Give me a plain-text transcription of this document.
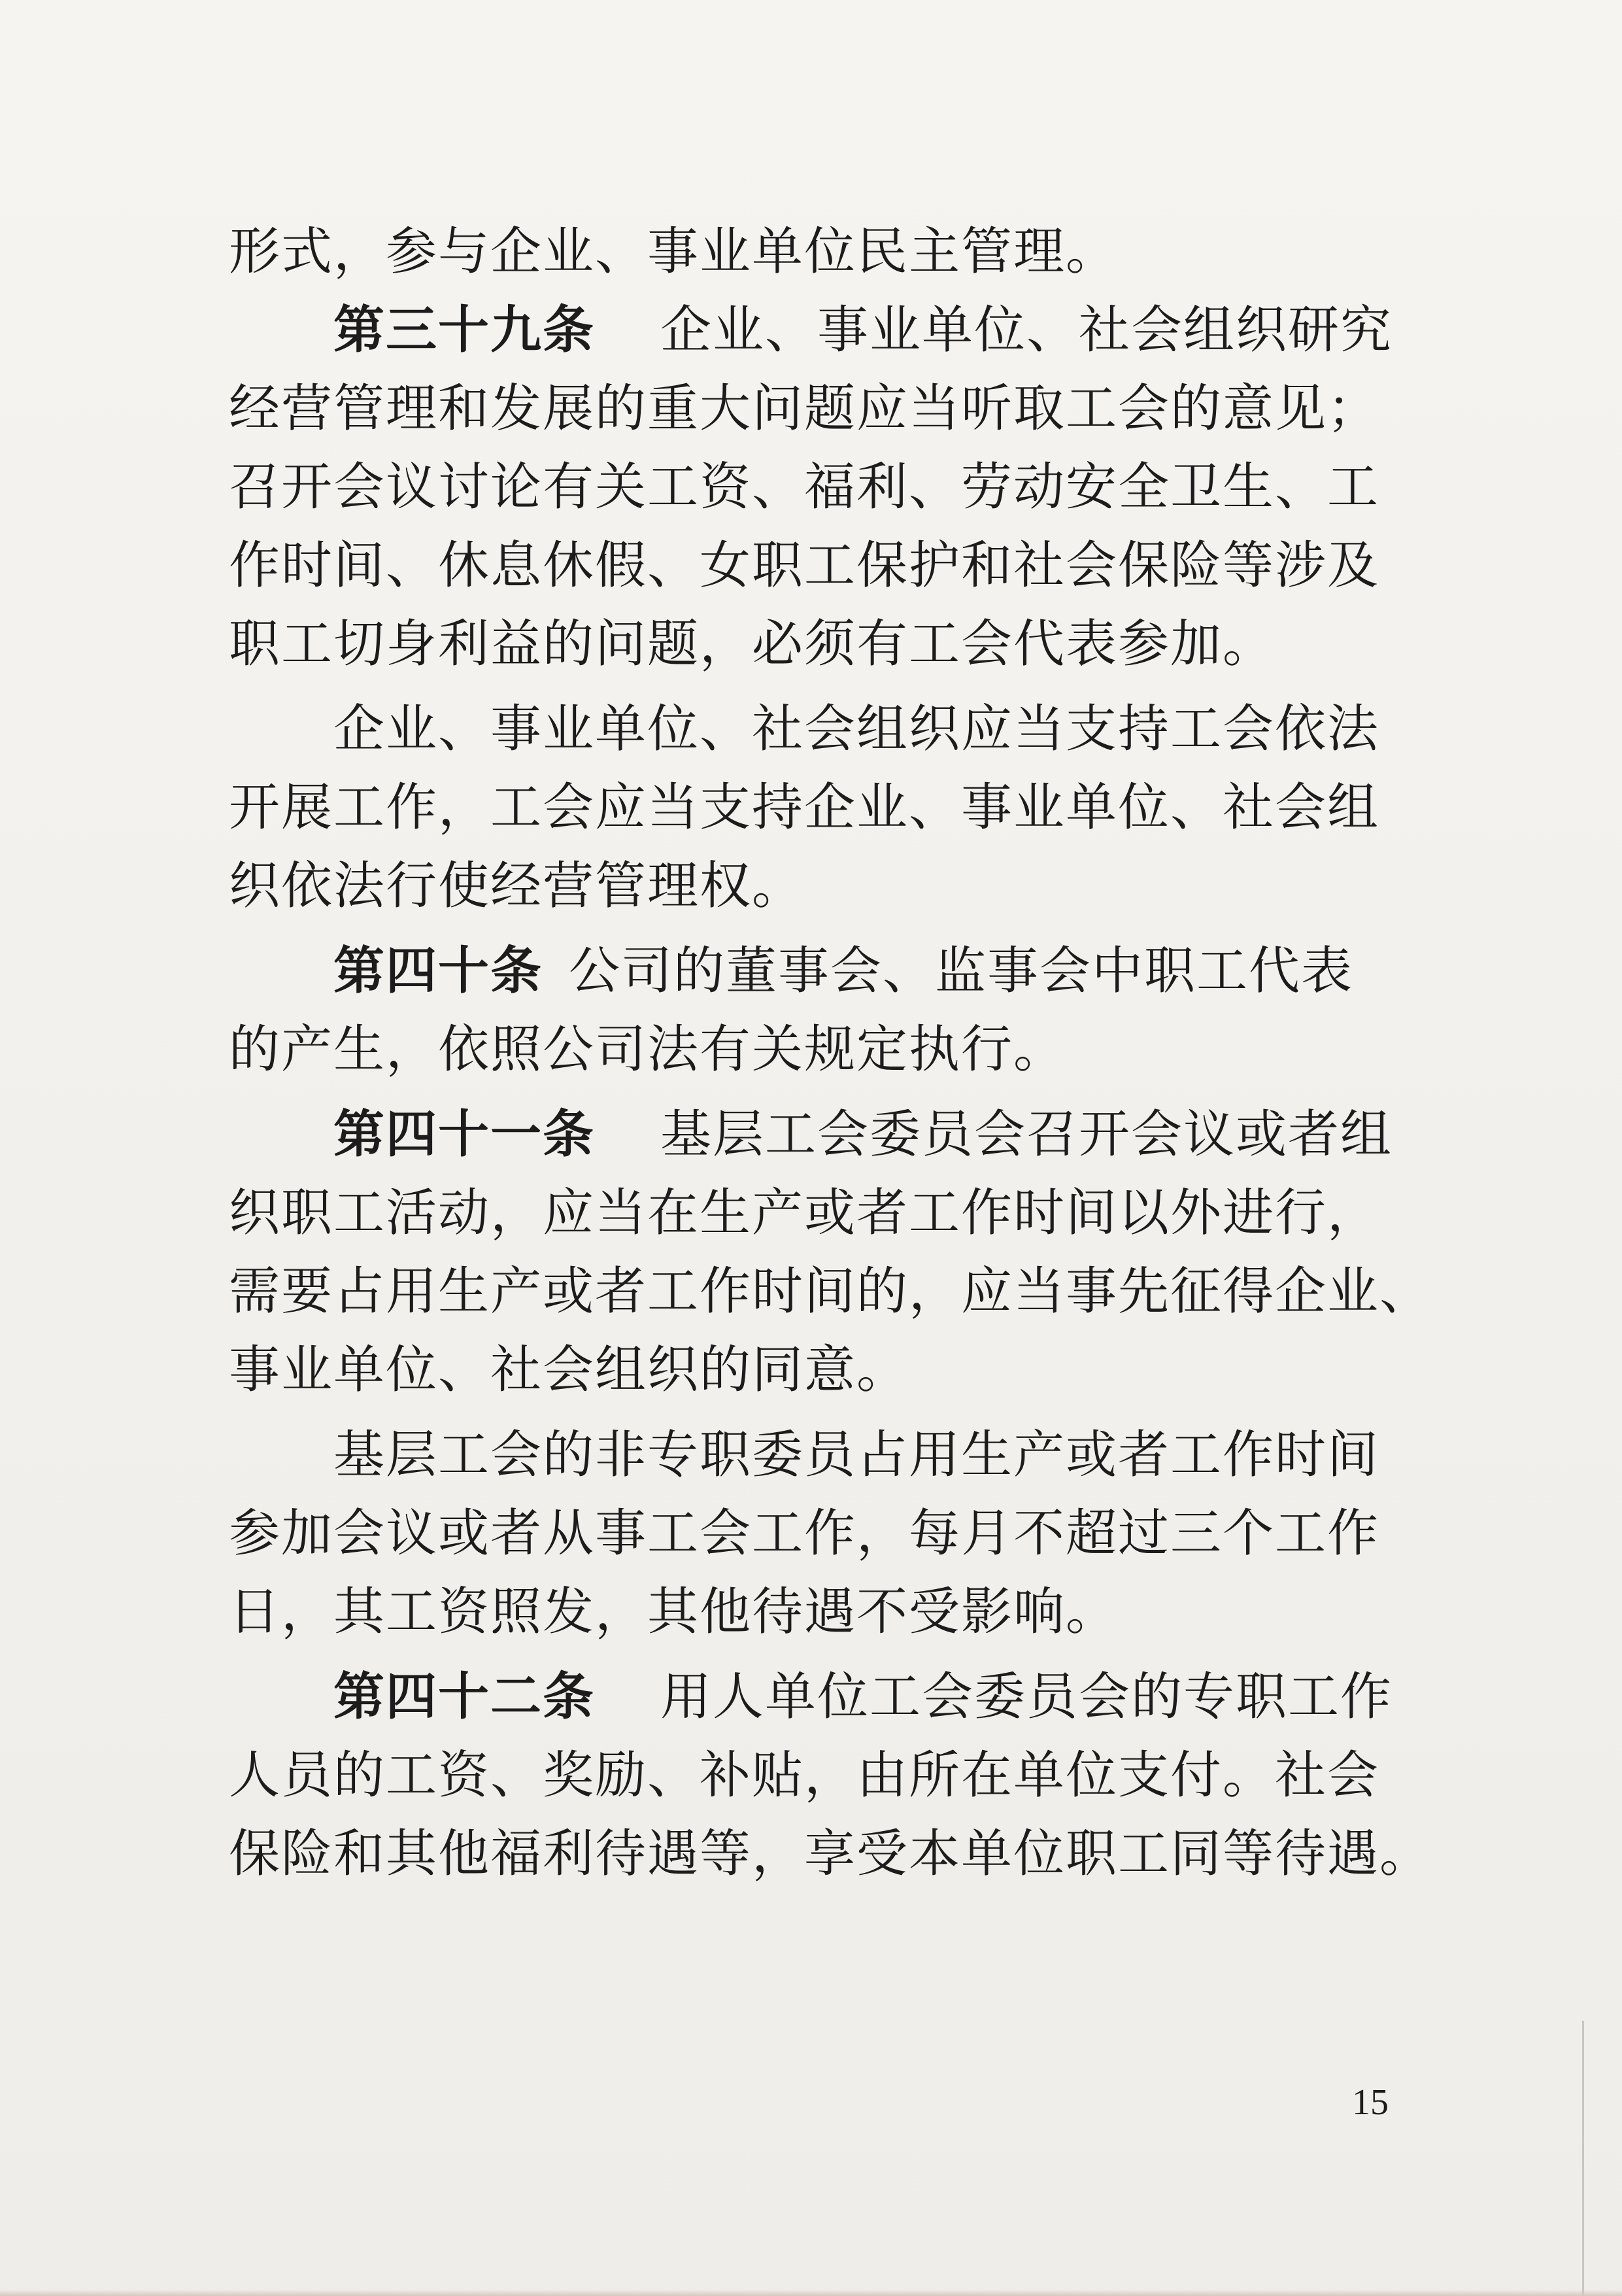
形式，参与企业、事业单位民主管理。
第三十九条 企业、事业单位、社会组织研究
经营管理和发展的重大问题应当听取工会的意见；
召开会议讨论有关工资、福利、劳动安全卫生、工
作时间、休息休假、女职工保护和社会保险等涉及
职工切身利益的问题，必须有工会代表参加。
企业、事业单位、社会组织应当支持工会依法
开展工作，工会应当支持企业、事业单位、社会组
织依法行使经营管理权。
第四十条 公司的董事会、监事会中职工代表
的产生，依照公司法有关规定执行。
第四十一条 基层工会委员会召开会议或者组
织职工活动，应当在生产或者工作时间以外进行，
需要占用生产或者工作时间的，应当事先征得企业、
事业单位、社会组织的同意。
基层工会的非专职委员占用生产或者工作时间
参加会议或者从事工会工作，每月不超过三个工作
日，其工资照发，其他待遇不受影响。
第四十二条 用人单位工会委员会的专职工作
人员的工资、奖励、补贴，由所在单位支付。社会
保险和其他福利待遇等，享受本单位职工同等待遇。
15
